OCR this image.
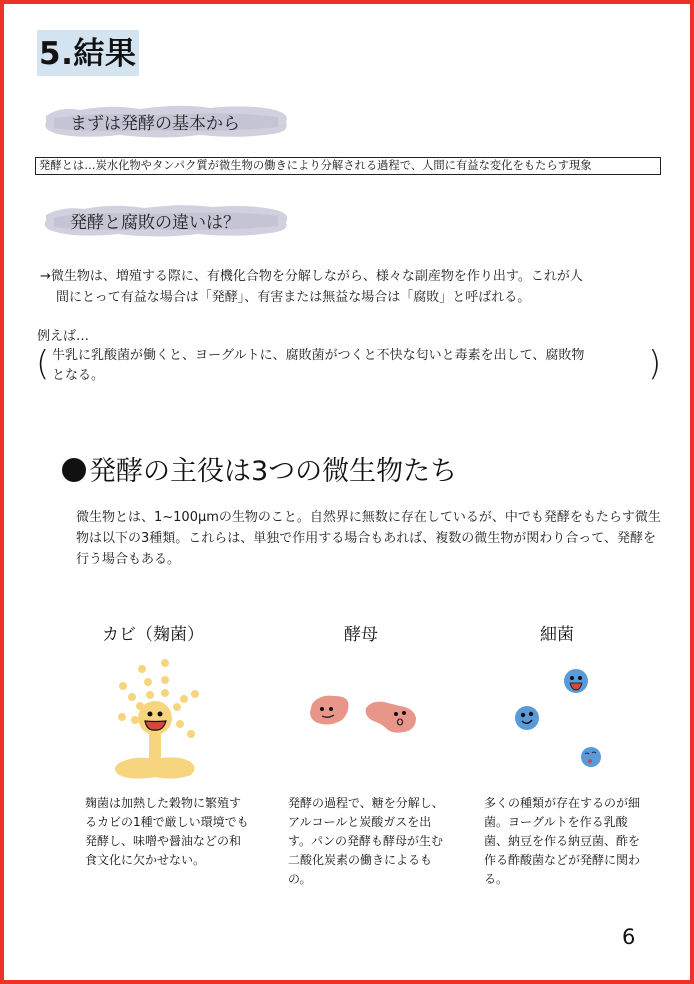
5.結果
まずは発酵の基本から
発酵とは…炭水化物やタンパク質が微生物の働きにより分解される過程で、人間に有益な変化をもたらす現象
発酵と腐敗の違いは？
→微生物は、増殖する際に、有機化合物を分解しながら、様々な副産物を作り出す。これが人
間にとって有益な場合は「発酵」、有害または無益な場合は「腐敗」と呼ばれる。
例えば…
( 牛乳に乳酸菌が働くと、ヨーグルトに、腐敗菌がつくと不快な匂いと毒素を出して、腐敗物
となる。	)
発酵の主役は3つの微生物たち
微生物とは、1~100μmの生物のこと。自然界に無数に存在しているが、中でも発酵をもたらす微生物は以下の3種類。これらは、単独で作用する場合もあれば、複数の微生物が関わり合って、発酵を行う場合もある。
カビ（麹菌）	酵母	細菌
麹菌は加熱した穀物に繁殖するカビの1種で厳しい環境でも発酵し、味噌や醤油などの和食文化に欠かせない。
発酵の過程で、糖を分解し、アルコールと炭酸ガスを出す。パンの発酵も酵母が生む二酸化炭素の働きによるもの。
多くの種類が存在するのが細菌。ヨーグルトを作る乳酸菌、納豆を作る納豆菌、酢を作る酢酸菌などが発酵に関わる。
6
